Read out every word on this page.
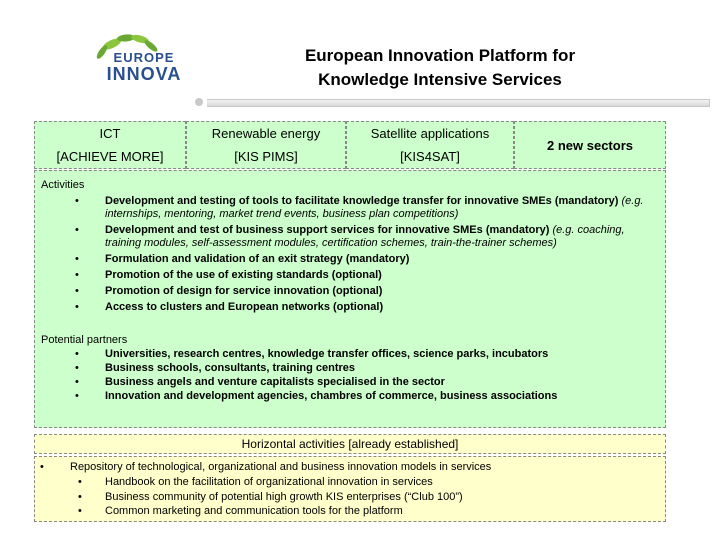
EUROPE
INNOVA
European Innovation Platform for
Knowledge Intensive Services
ICT
[ACHIEVE MORE]
Renewable energy
[KIS PIMS]
Satellite applications
[KIS4SAT]
2 new sectors
Activities
• Development and testing of tools to facilitate knowledge transfer for innovative SMEs (mandatory) (e.g. internships, mentoring, market trend events, business plan competitions)
• Development and test of business support services for innovative SMEs (mandatory) (e.g. coaching, training modules, self-assessment modules, certification schemes, train-the-trainer schemes)
• Formulation and validation of an exit strategy (mandatory)
• Promotion of the use of existing standards (optional)
• Promotion of design for service innovation (optional)
• Access to clusters and European networks (optional)
Potential partners
• Universities, research centres, knowledge transfer offices, science parks, incubators
• Business schools, consultants, training centres
• Business angels and venture capitalists specialised in the sector
• Innovation and development agencies, chambres of commerce, business associations
Horizontal activities [already established]
• Repository of technological, organizational and business innovation models in services
• Handbook on the facilitation of organizational innovation in services
• Business community of potential high growth KIS enterprises (“Club 100”)
• Common marketing and communication tools for the platform
